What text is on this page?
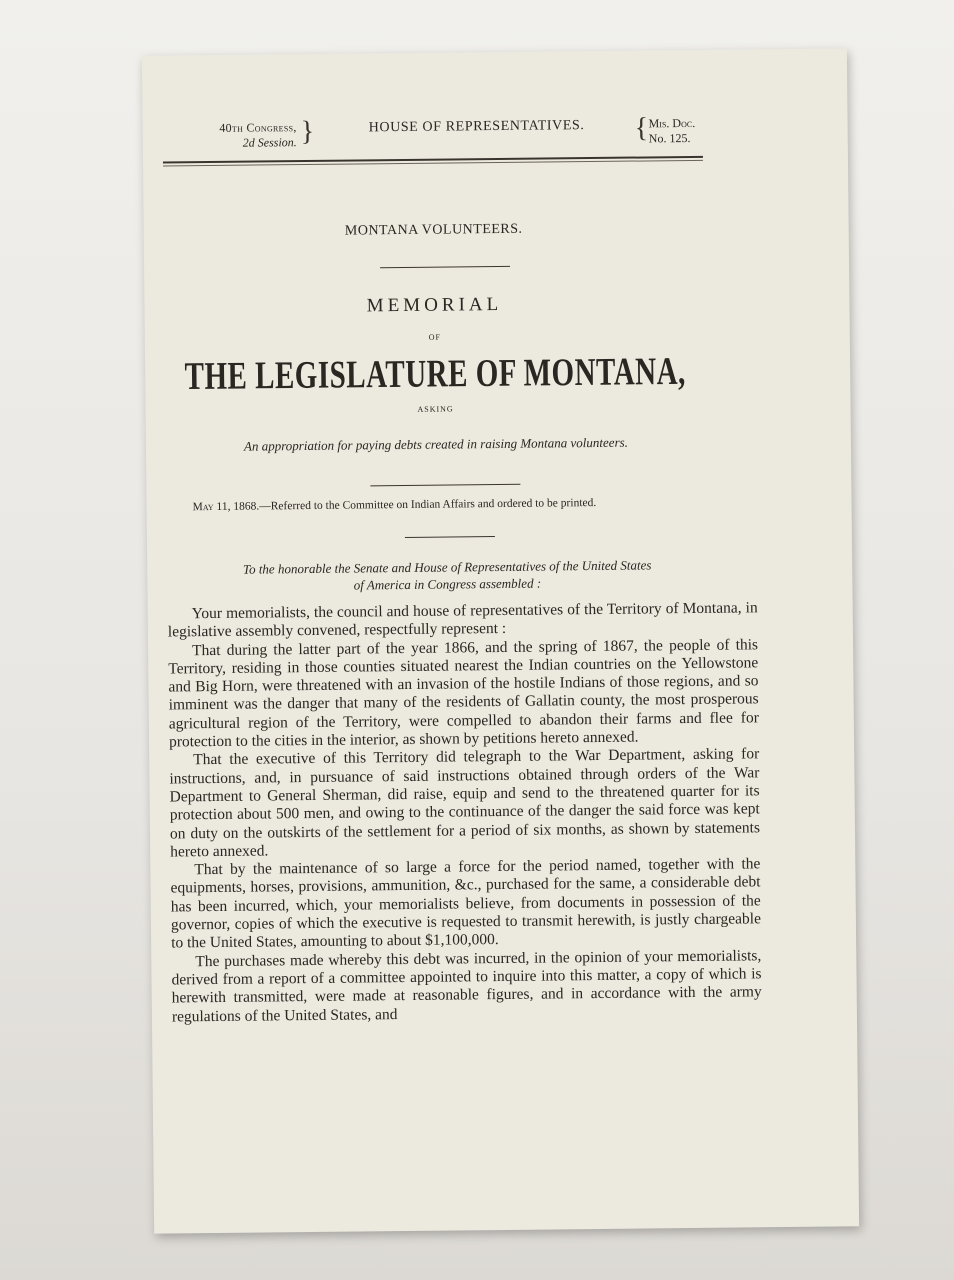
40th Congress,
2d Session. }	HOUSE OF REPRESENTATIVES.	{ Mis. Doc.
No. 125.
MONTANA VOLUNTEERS.
MEMORIAL
OF
THE LEGISLATURE OF MONTANA,
ASKING
An appropriation for paying debts created in raising Montana volunteers.
May 11, 1868.—Referred to the Committee on Indian Affairs and ordered to be printed.
To the honorable the Senate and House of Representatives of the United States
of America in Congress assembled :

Your memorialists, the council and house of representatives of the Territory of Montana, in legislative assembly convened, respectfully represent :

That during the latter part of the year 1866, and the spring of 1867, the people of this Territory, residing in those counties situated nearest the Indian countries on the Yellowstone and Big Horn, were threatened with an invasion of the hostile Indians of those regions, and so imminent was the danger that many of the residents of Gallatin county, the most prosperous agricultural region of the Territory, were compelled to abandon their farms and flee for protection to the cities in the interior, as shown by petitions hereto annexed.

That the executive of this Territory did telegraph to the War Department, asking for instructions, and, in pursuance of said instructions obtained through orders of the War Department to General Sherman, did raise, equip and send to the threatened quarter for its protection about 500 men, and owing to the continuance of the danger the said force was kept on duty on the outskirts of the settlement for a period of six months, as shown by statements hereto annexed.

That by the maintenance of so large a force for the period named, together with the equipments, horses, provisions, ammunition, &c., purchased for the same, a considerable debt has been incurred, which, your memorialists believe, from documents in possession of the governor, copies of which the executive is requested to transmit herewith, is justly chargeable to the United States, amounting to about $1,100,000.

The purchases made whereby this debt was incurred, in the opinion of your memorialists, derived from a report of a committee appointed to inquire into this matter, a copy of which is herewith transmitted, were made at reasonable figures, and in accordance with the army regulations of the United States, and
